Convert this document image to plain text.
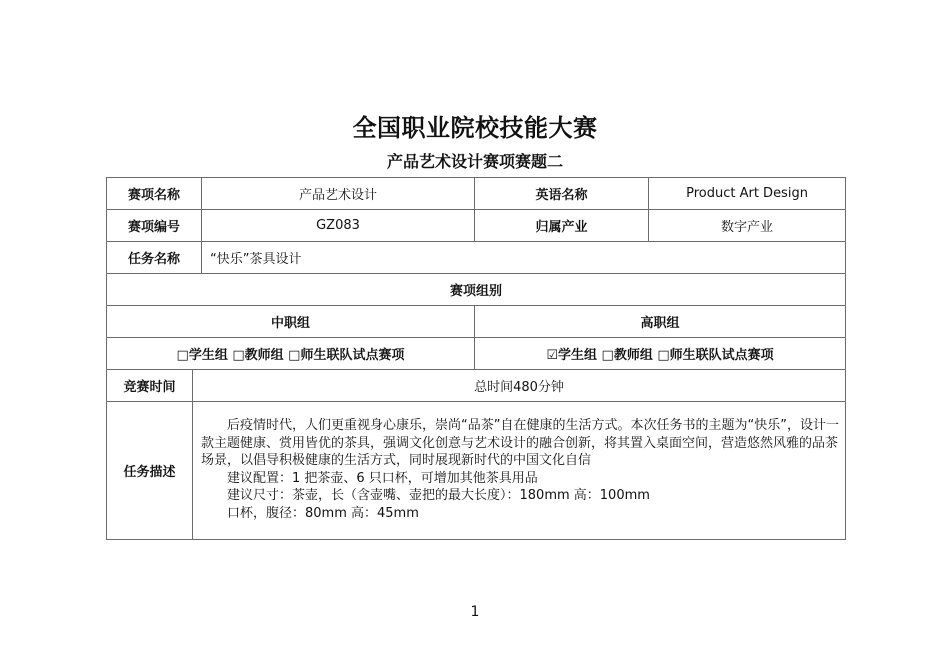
全国职业院校技能大赛
产品艺术设计赛项赛题二
赛项名称		产品艺术设计	英语名称	Product Art Design
赛项编号		GZ083	归属产业	数字产业
任务名称		“快乐”茶具设计		
赛项组别				
中职组			高职组	
□学生组 □教师组 □师生联队试点赛项			☑学生组 □教师组 □师生联队试点赛项	
竞赛时间	总时间480分钟			
任务描述	后疫情时代，人们更重视身心康乐，崇尚“品茶”自在健康的生活方式。本次任务书的主题为“快乐”，设计一款主题健康、赏用皆优的茶具，强调文化创意与艺术设计的融合创新，将其置入桌面空间，营造悠然风雅的品茶场景，以倡导积极健康的生活方式，同时展现新时代的中国文化自信

建议配置：1 把茶壶、6 只口杯，可增加其他茶具用品
建议尺寸：茶壶，长（含壶嘴、壶把的最大长度）：180mm 高：100mm
口杯，腹径：80mm 高：45mm			
1
